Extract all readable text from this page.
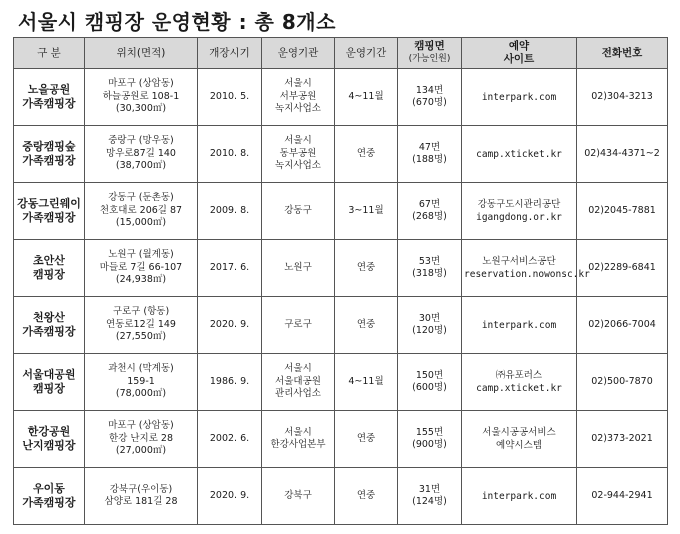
서울시 캠핑장 운영현황 : 총 8개소
구 분	위치(면적)	개장시기	운영기관	운영기간	캠핑면
(가능인원)	예약
사이트	전화번호

노을공원
가족캠핑장	마포구 (상암동)
하늘공원로 108-1
(30,300㎡)	2010. 5.	서울시
서부공원
녹지사업소	4~11월	134면
(670명)	interpark.com	02)304-3213

중랑캠핑숲
가족캠핑장	중랑구 (망우동)
망우로87길 140
(38,700㎡)	2010. 8.	서울시
동부공원
녹지사업소	연중	47면
(188명)	camp.xticket.kr	02)434-4371~2

강동그린웨이
가족캠핑장	강동구 (둔촌동)
천호대로 206길 87
(15,000㎡)	2009. 8.	강동구	3~11월	67면
(268명)	강동구도시관리공단
igangdong.or.kr	02)2045-7881

초안산
캠핑장	노원구 (월계동)
마들로 7길 66-107
(24,938㎡)	2017. 6.	노원구	연중	53면
(318명)	노원구서비스공단
reservation.nowonsc.kr	02)2289-6841

천왕산
가족캠핑장	구로구 (항동)
연동로12길 149
(27,550㎡)	2020. 9.	구로구	연중	30면
(120명)	interpark.com	02)2066-7004

서울대공원
캠핑장	과천시 (막계동)
159-1
(78,000㎡)	1986. 9.	서울시
서울대공원
관리사업소	4~11월	150면
(600명)	㈜유포러스
camp.xticket.kr	02)500-7870

한강공원
난지캠핑장	마포구 (상암동)
한강 난지로 28
(27,000㎡)	2002. 6.	서울시
한강사업본부	연중	155면
(900명)	서울시공공서비스
예약시스템	02)373-2021

우이동
가족캠핑장	강북구(우이동)
삼양로 181길 28	2020. 9.	강북구	연중	31면
(124명)	interpark.com	02-944-2941
